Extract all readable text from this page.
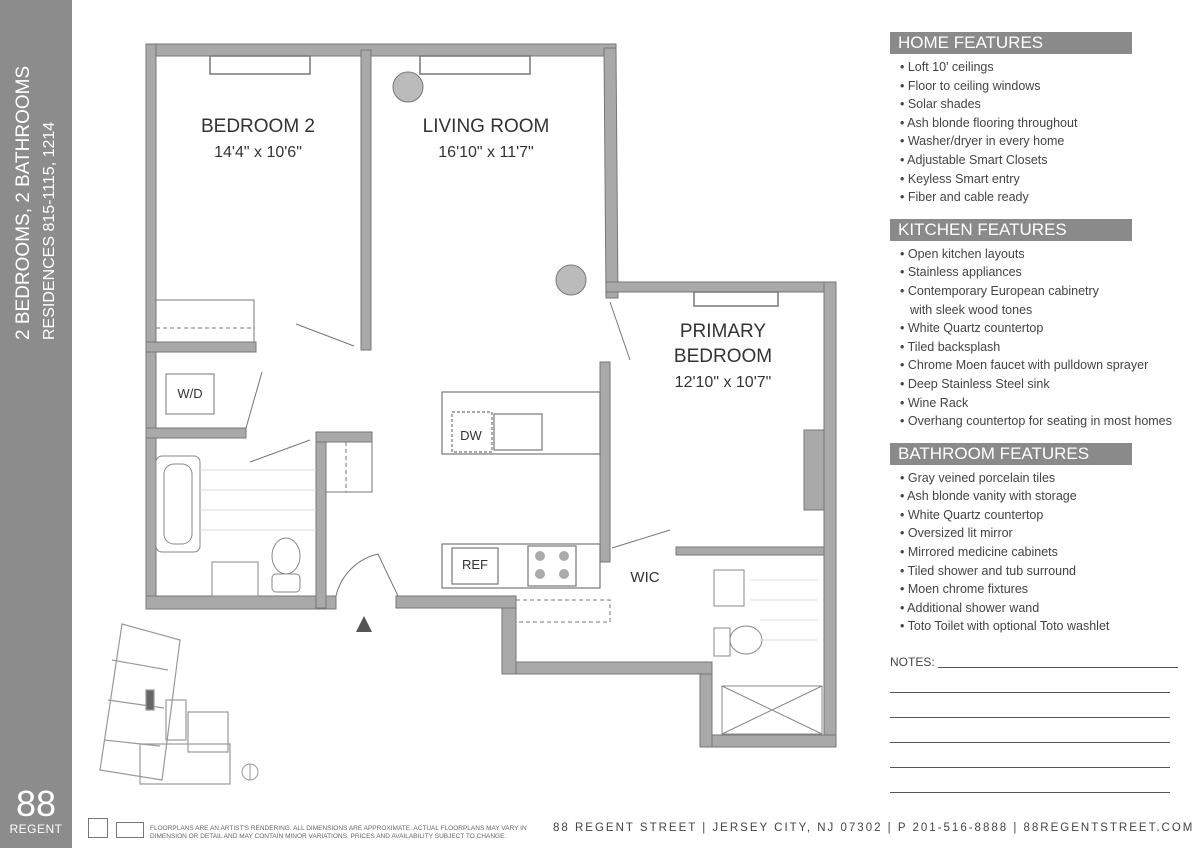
2 BEDROOMS, 2 BATHROOMS RESIDENCES 815-1115, 1214
88
REGENT
BEDROOM 2
14'4" x 10'6"
LIVING ROOM
16'10" x 11'7"
PRIMARY
BEDROOM
12'10" x 10'7"
W/D
DW
REF
WIC
HOME FEATURES
• Loft 10' ceilings
• Floor to ceiling windows
• Solar shades
• Ash blonde flooring throughout
• Washer/dryer in every home
• Adjustable Smart Closets
• Keyless Smart entry
• Fiber and cable ready
KITCHEN FEATURES
• Open kitchen layouts
• Stainless appliances
• Contemporary European cabinetry
with sleek wood tones
• White Quartz countertop
• Tiled backsplash
• Chrome Moen faucet with pulldown sprayer
• Deep Stainless Steel sink
• Wine Rack
• Overhang countertop for seating in most homes
BATHROOM FEATURES
• Gray veined porcelain tiles
• Ash blonde vanity with storage
• White Quartz countertop
• Oversized lit mirror
• Mirrored medicine cabinets
• Tiled shower and tub surround
• Moen chrome fixtures
• Additional shower wand
• Toto Toilet with optional Toto washlet
NOTES:
FLOORPLANS ARE AN ARTIST'S RENDERING. ALL DIMENSIONS ARE APPROXIMATE. ACTUAL FLOORPLANS MAY VARY IN DIMENSION OR DETAIL AND MAY CONTAIN MINOR VARIATIONS. PRICES AND AVAILABILITY SUBJECT TO CHANGE.
88 REGENT STREET | JERSEY CITY, NJ 07302 | P 201-516-8888 | 88REGENTSTREET.COM
